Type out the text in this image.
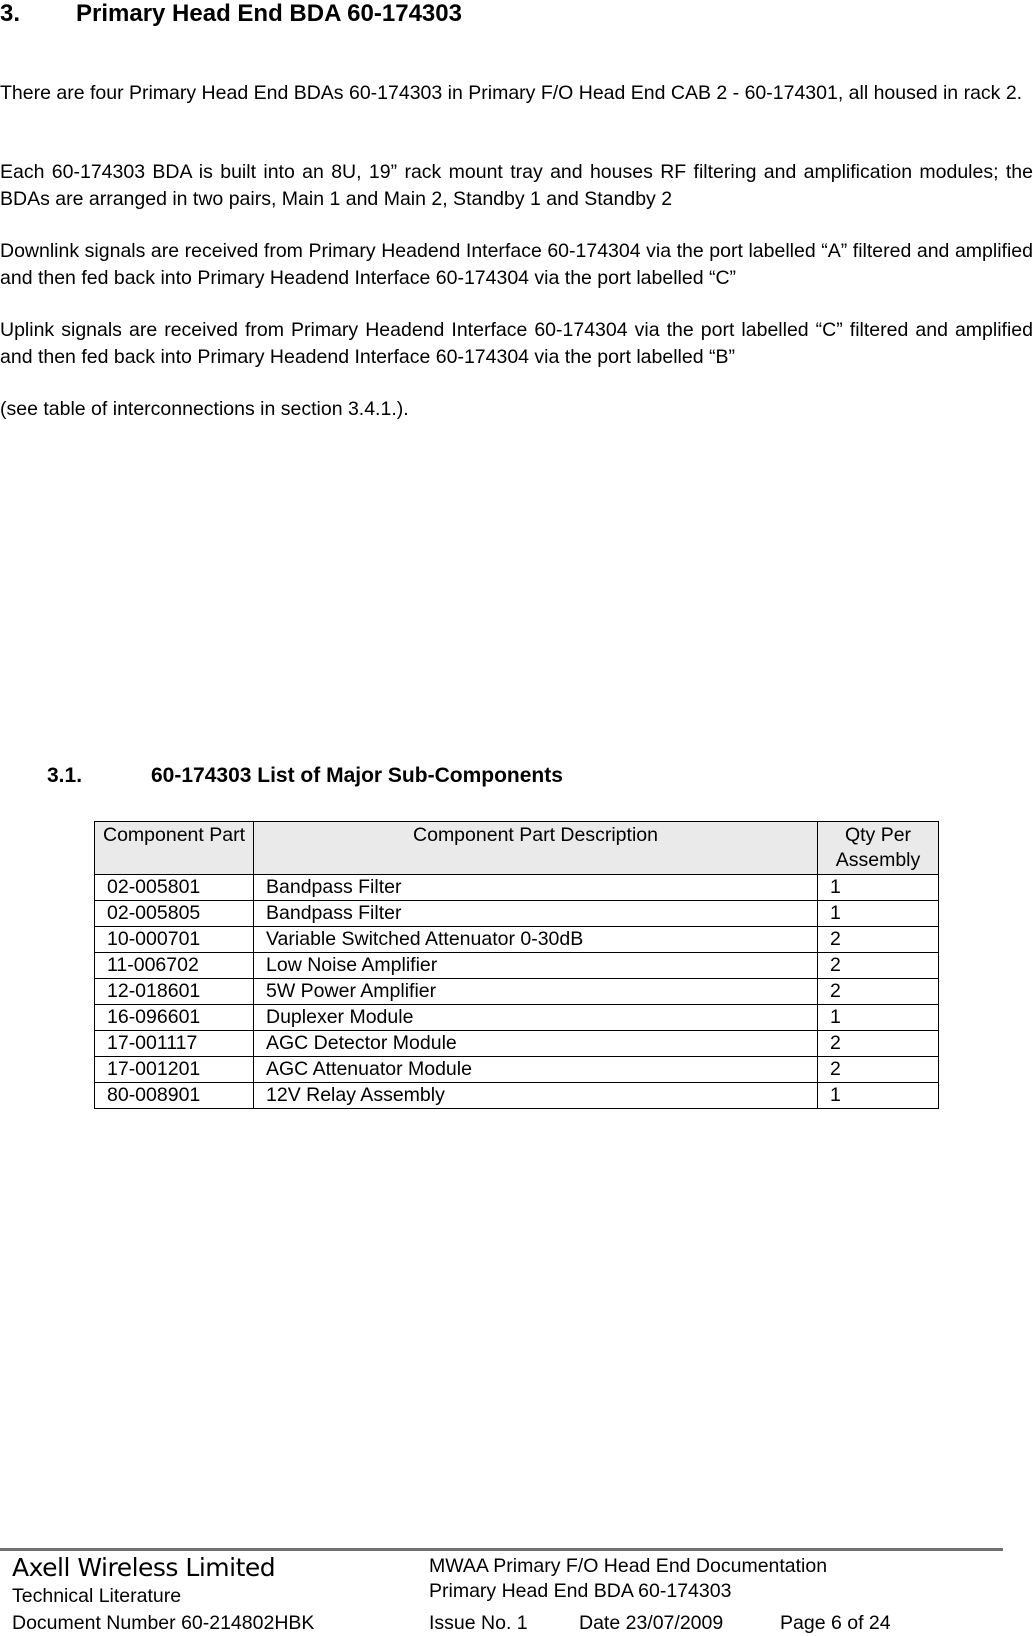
3. Primary Head End BDA 60-174303
There are four Primary Head End BDAs 60-174303 in Primary F/O Head End CAB 2 - 60-174301, all housed in rack 2.
Each 60-174303 BDA is built into an 8U, 19” rack mount tray and houses RF filtering and amplification modules; the BDAs are arranged in two pairs, Main 1 and Main 2, Standby 1 and Standby 2
Downlink signals are received from Primary Headend Interface 60-174304 via the port labelled “A” filtered and amplified and then fed back into Primary Headend Interface 60-174304 via the port labelled “C”
Uplink signals are received from Primary Headend Interface 60-174304 via the port labelled “C” filtered and amplified and then fed back into Primary Headend Interface 60-174304 via the port labelled “B”
(see table of interconnections in section 3.4.1.).
3.1.	60-174303 List of Major Sub-Components
Component Part	Component Part Description	Qty Per Assembly
02-005801	Bandpass Filter	1
02-005805	Bandpass Filter	1
10-000701	Variable Switched Attenuator 0-30dB	2
11-006702	Low Noise Amplifier	2
12-018601	5W Power Amplifier	2
16-096601	Duplexer Module	1
17-001117	AGC Detector Module	2
17-001201	AGC Attenuator Module	2
80-008901	12V Relay Assembly	1
Axell Wireless Limited
Technical Literature
Document Number 60-214802HBK
MWAA Primary F/O Head End Documentation
Primary Head End BDA 60-174303
Issue No. 1	Date 23/07/2009	Page 6 of 24
